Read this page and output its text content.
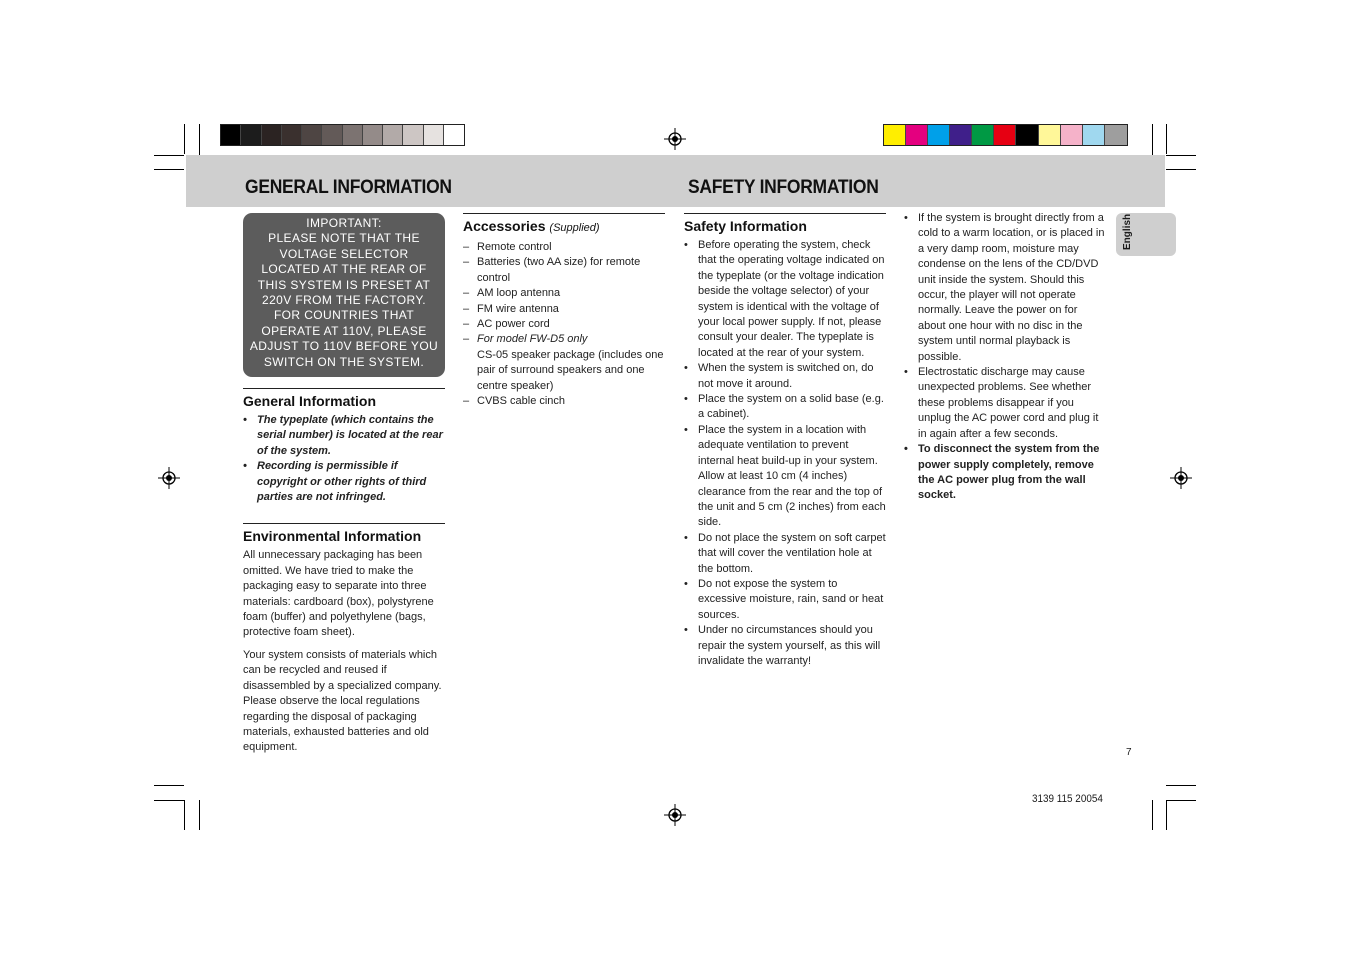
GENERAL INFORMATION	SAFETY INFORMATION
English
IMPORTANT:
PLEASE NOTE THAT THE
VOLTAGE SELECTOR
LOCATED AT THE REAR OF
THIS SYSTEM IS PRESET AT
220V FROM THE FACTORY.
FOR COUNTRIES THAT
OPERATE AT 110V, PLEASE
ADJUST TO 110V BEFORE YOU
SWITCH ON THE SYSTEM.
General Information
• The typeplate (which contains the serial number) is located at the rear of the system.
• Recording is permissible if copyright or other rights of third parties are not infringed.
Environmental Information

All unnecessary packaging has been omitted. We have tried to make the packaging easy to separate into three materials: cardboard (box), polystyrene foam (buffer) and polyethylene (bags, protective foam sheet).

Your system consists of materials which can be recycled and reused if disassembled by a specialized company. Please observe the local regulations regarding the disposal of packaging materials, exhausted batteries and old equipment.

Accessories (Supplied)
– Remote control
– Batteries (two AA size) for remote control
– AM loop antenna
– FM wire antenna
– AC power cord
– For model FW-D5 only
CS-05 speaker package (includes one pair of surround speakers and one centre speaker)
– CVBS cable cinch
Safety Information
• Before operating the system, check that the operating voltage indicated on the typeplate (or the voltage indication beside the voltage selector) of your system is identical with the voltage of your local power supply. If not, please consult your dealer. The typeplate is located at the rear of your system.
• When the system is switched on, do not move it around.
• Place the system on a solid base (e.g. a cabinet).
• Place the system in a location with adequate ventilation to prevent internal heat build-up in your system. Allow at least 10 cm (4 inches) clearance from the rear and the top of the unit and 5 cm (2 inches) from each side.
• Do not place the system on soft carpet that will cover the ventilation hole at the bottom.
• Do not expose the system to excessive moisture, rain, sand or heat sources.
• Under no circumstances should you repair the system yourself, as this will invalidate the warranty!
• If the system is brought directly from a cold to a warm location, or is placed in a very damp room, moisture may condense on the lens of the CD/DVD unit inside the system. Should this occur, the player will not operate normally. Leave the power on for about one hour with no disc in the system until normal playback is possible.
• Electrostatic discharge may cause unexpected problems. See whether these problems disappear if you unplug the AC power cord and plug it in again after a few seconds.
• To disconnect the system from the power supply completely, remove the AC power plug from the wall socket.
7
3139 115 20054
